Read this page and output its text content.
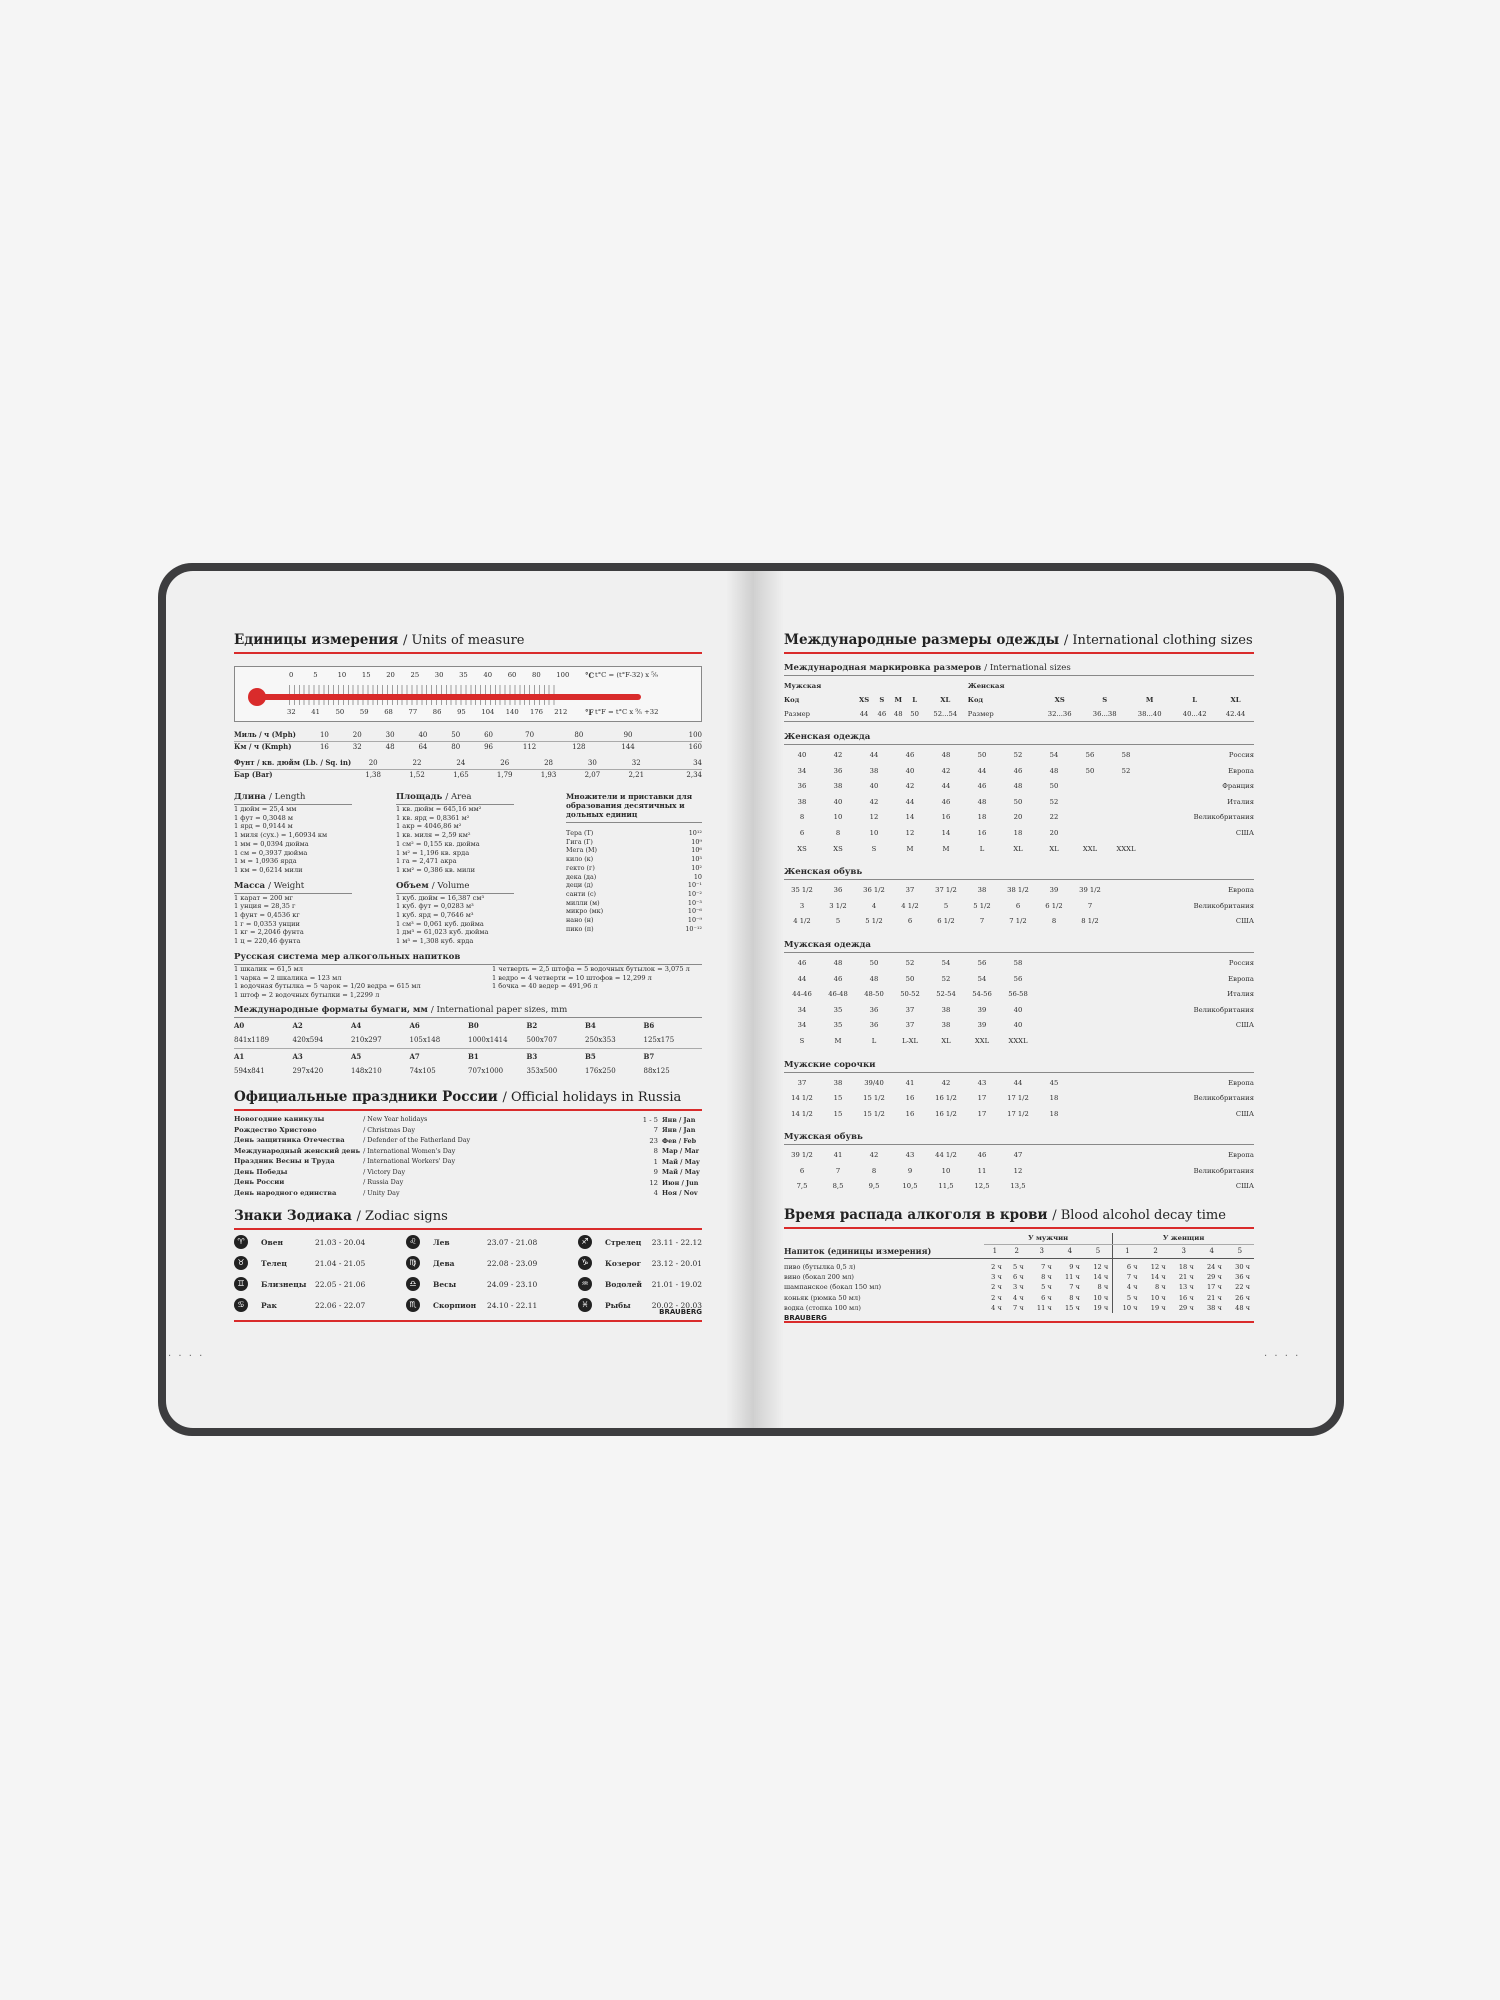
Единицы измерения / Units of measure
0	5	10 15 20 25 30 35 40 60 80 100 °C
32 41 50 59 68 77 86 95 104 140 176 212	°F
t°C = (t°F-32) x ⁵⁄₉
t°F = t°C x ⁹⁄₅ +32
Миль / ч (Mph)	10	20	30	40	50	60	70	80	90	100
Км / ч (Kmph)	16	32	48	64	80	96	112	128	144	160
Фунт / кв. дюйм (Lb. / Sq. in)	20	22	24	26	28	30	32	34
Бар (Bar)	1,38	1,52	1,65	1,79	1,93	2,07	2,21	2,34
Длина / Length
1 дюйм = 25,4 мм
1 фут = 0,3048 м
1 ярд = 0,9144 м
1 миля (сух.) = 1,60934 км
1 мм = 0,0394 дюйма
1 см = 0,3937 дюйма
1 м = 1,0936 ярда
1 км = 0,6214 мили
Масса / Weight
1 карат = 200 мг
1 унция = 28,35 г
1 фунт = 0,4536 кг
1 г = 0,0353 унции
1 кг = 2,2046 фунта
1 ц = 220,46 фунта
Площадь / Area
1 кв. дюйм = 645,16 мм²
1 кв. ярд = 0,8361 м²
1 акр = 4046,86 м²
1 кв. миля = 2,59 км²
1 см² = 0,155 кв. дюйма
1 м² = 1,196 кв. ярда
1 га = 2,471 акра
1 км² = 0,386 кв. мили
Объем / Volume
1 куб. дюйм = 16,387 см³
1 куб. фут = 0,0283 м³
1 куб. ярд = 0,7646 м³
1 см³ = 0,061 куб. дюйма
1 дм³ = 61,023 куб. дюйма
1 м³ = 1,308 куб. ярда
Множители и приставки для образования десятичных и дольных единиц
Тера (Т)	10¹²
Гига (Г)	10⁹
Мега (М)	10⁶
кило (к)	10³
гекто (г)	10²
дека (да)	10
деци (д)	10⁻¹
санти (с)	10⁻²
милли (м)	10⁻³
микро (мк)	10⁻⁶
нано (н)	10⁻⁹
пико (п)	10⁻¹²
Русская система мер алкогольных напитков
1 шкалик = 61,5 мл
1 чарка = 2 шкалика = 123 мл
1 водочная бутылка = 5 чарок = 1/20 ведра = 615 мл
1 штоф = 2 водочных бутылки = 1,2299 л
1 четверть = 2,5 штофа = 5 водочных бутылок = 3,075 л
1 ведро = 4 четверти = 10 штофов = 12,299 л
1 бочка = 40 ведер = 491,96 л
Международные форматы бумаги, мм / International paper sizes, mm
A0	A2	A4	A6	B0	B2	B4	B6
841x1189	420x594	210x297	105x148	1000x1414	500x707	250x353	125x175
A1	A3	A5	A7	B1	B3	B5	B7
594x841	297x420	148x210	74x105	707x1000	353x500	176x250	88x125
Официальные праздники России / Official holidays in Russia
Новогодние каникулы	/ New Year holidays	1 - 5	Янв / Jan
Рождество Христово	/ Christmas Day	7	Янв / Jan
День защитника Отечества	/ Defender of the Fatherland Day	23	Фев / Feb
Международный женский день	/ International Women's Day	8	Мар / Mar
Праздник Весны и Труда	/ International Workers' Day	1	Май / May
День Победы	/ Victory Day	9	Май / May
День России	/ Russia Day	12	Июн / Jun
День народного единства	/ Unity Day	4	Ноя / Nov
Знаки Зодиака / Zodiac signs
♈	Овен	21.03 - 20.04	♌	Лев	23.07 - 21.08	♐	Стрелец	23.11 - 22.12
♉	Телец	21.04 - 21.05	♍	Дева	22.08 - 23.09	♑	Козерог	23.12 - 20.01
♊	Близнецы	22.05 - 21.06	♎	Весы	24.09 - 23.10	♒	Водолей	21.01 - 19.02
♋	Рак	22.06 - 22.07	♏	Скорпион	24.10 - 22.11	♓	Рыбы	20.02 - 20.03
BRAUBERG
· · · ·
Международные размеры одежды / International clothing sizes
Международная маркировка размеров / International sizes
Мужская						Женская					
Код	XS	S	M	L	XL	Код	XS	S	M	L	XL
Размер	44	46	48	50	52...54	Размер	32...36	36...38	38...40	40...42	42.44
Женская одежда
40	42	44	46	48	50	52	54	56	58	Россия
34	36	38	40	42	44	46	48	50	52	Европа
36	38	40	42	44	46	48	50			Франция
38	40	42	44	46	48	50	52			Италия
8	10	12	14	16	18	20	22			Великобритания
6	8	10	12	14	16	18	20			США
XS	XS	S	M	M	L	XL	XL	XXL	XXXL	
Женская обувь
35 1/2	36	36 1/2	37	37 1/2	38	38 1/2	39	39 1/2	Европа
3	3 1/2	4	4 1/2	5	5 1/2	6	6 1/2	7	Великобритания
4 1/2	5	5 1/2	6	6 1/2	7	7 1/2	8	8 1/2	США
Мужская одежда
46	48	50	52	54	56	58	Россия
44	46	48	50	52	54	56	Европа
44-46	46-48	48-50	50-52	52-54	54-56	56-58	Италия
34	35	36	37	38	39	40	Великобритания
34	35	36	37	38	39	40	США
S	M	L	L-XL	XL	XXL	XXXL	
Мужские сорочки
37	38	39/40	41	42	43	44	45	Европа
14 1/2	15	15 1/2	16	16 1/2	17	17 1/2	18	Великобритания
14 1/2	15	15 1/2	16	16 1/2	17	17 1/2	18	США
Мужская обувь
39 1/2	41	42	43	44 1/2	46	47	Европа
6	7	8	9	10	11	12	Великобритания
7,5	8,5	9,5	10,5	11,5	12,5	13,5	США
Время распада алкоголя в крови / Blood alcohol decay time
	У мужчин					У женщин				
Напиток (единицы измерения)	1	2	3	4	5	1	2	3	4	5
пиво (бутылка 0,5 л)	2 ч	5 ч	7 ч	9 ч	12 ч	6 ч	12 ч	18 ч	24 ч	30 ч
вино (бокал 200 мл)	3 ч	6 ч	8 ч	11 ч	14 ч	7 ч	14 ч	21 ч	29 ч	36 ч
шампанское (бокал 150 мл)	2 ч	3 ч	5 ч	7 ч	8 ч	4 ч	8 ч	13 ч	17 ч	22 ч
коньяк (рюмка 50 мл)	2 ч	4 ч	6 ч	8 ч	10 ч	5 ч	10 ч	16 ч	21 ч	26 ч
водка (стопка 100 мл)	4 ч	7 ч	11 ч	15 ч	19 ч	10 ч	19 ч	29 ч	38 ч	48 ч
BRAUBERG
· · · ·
